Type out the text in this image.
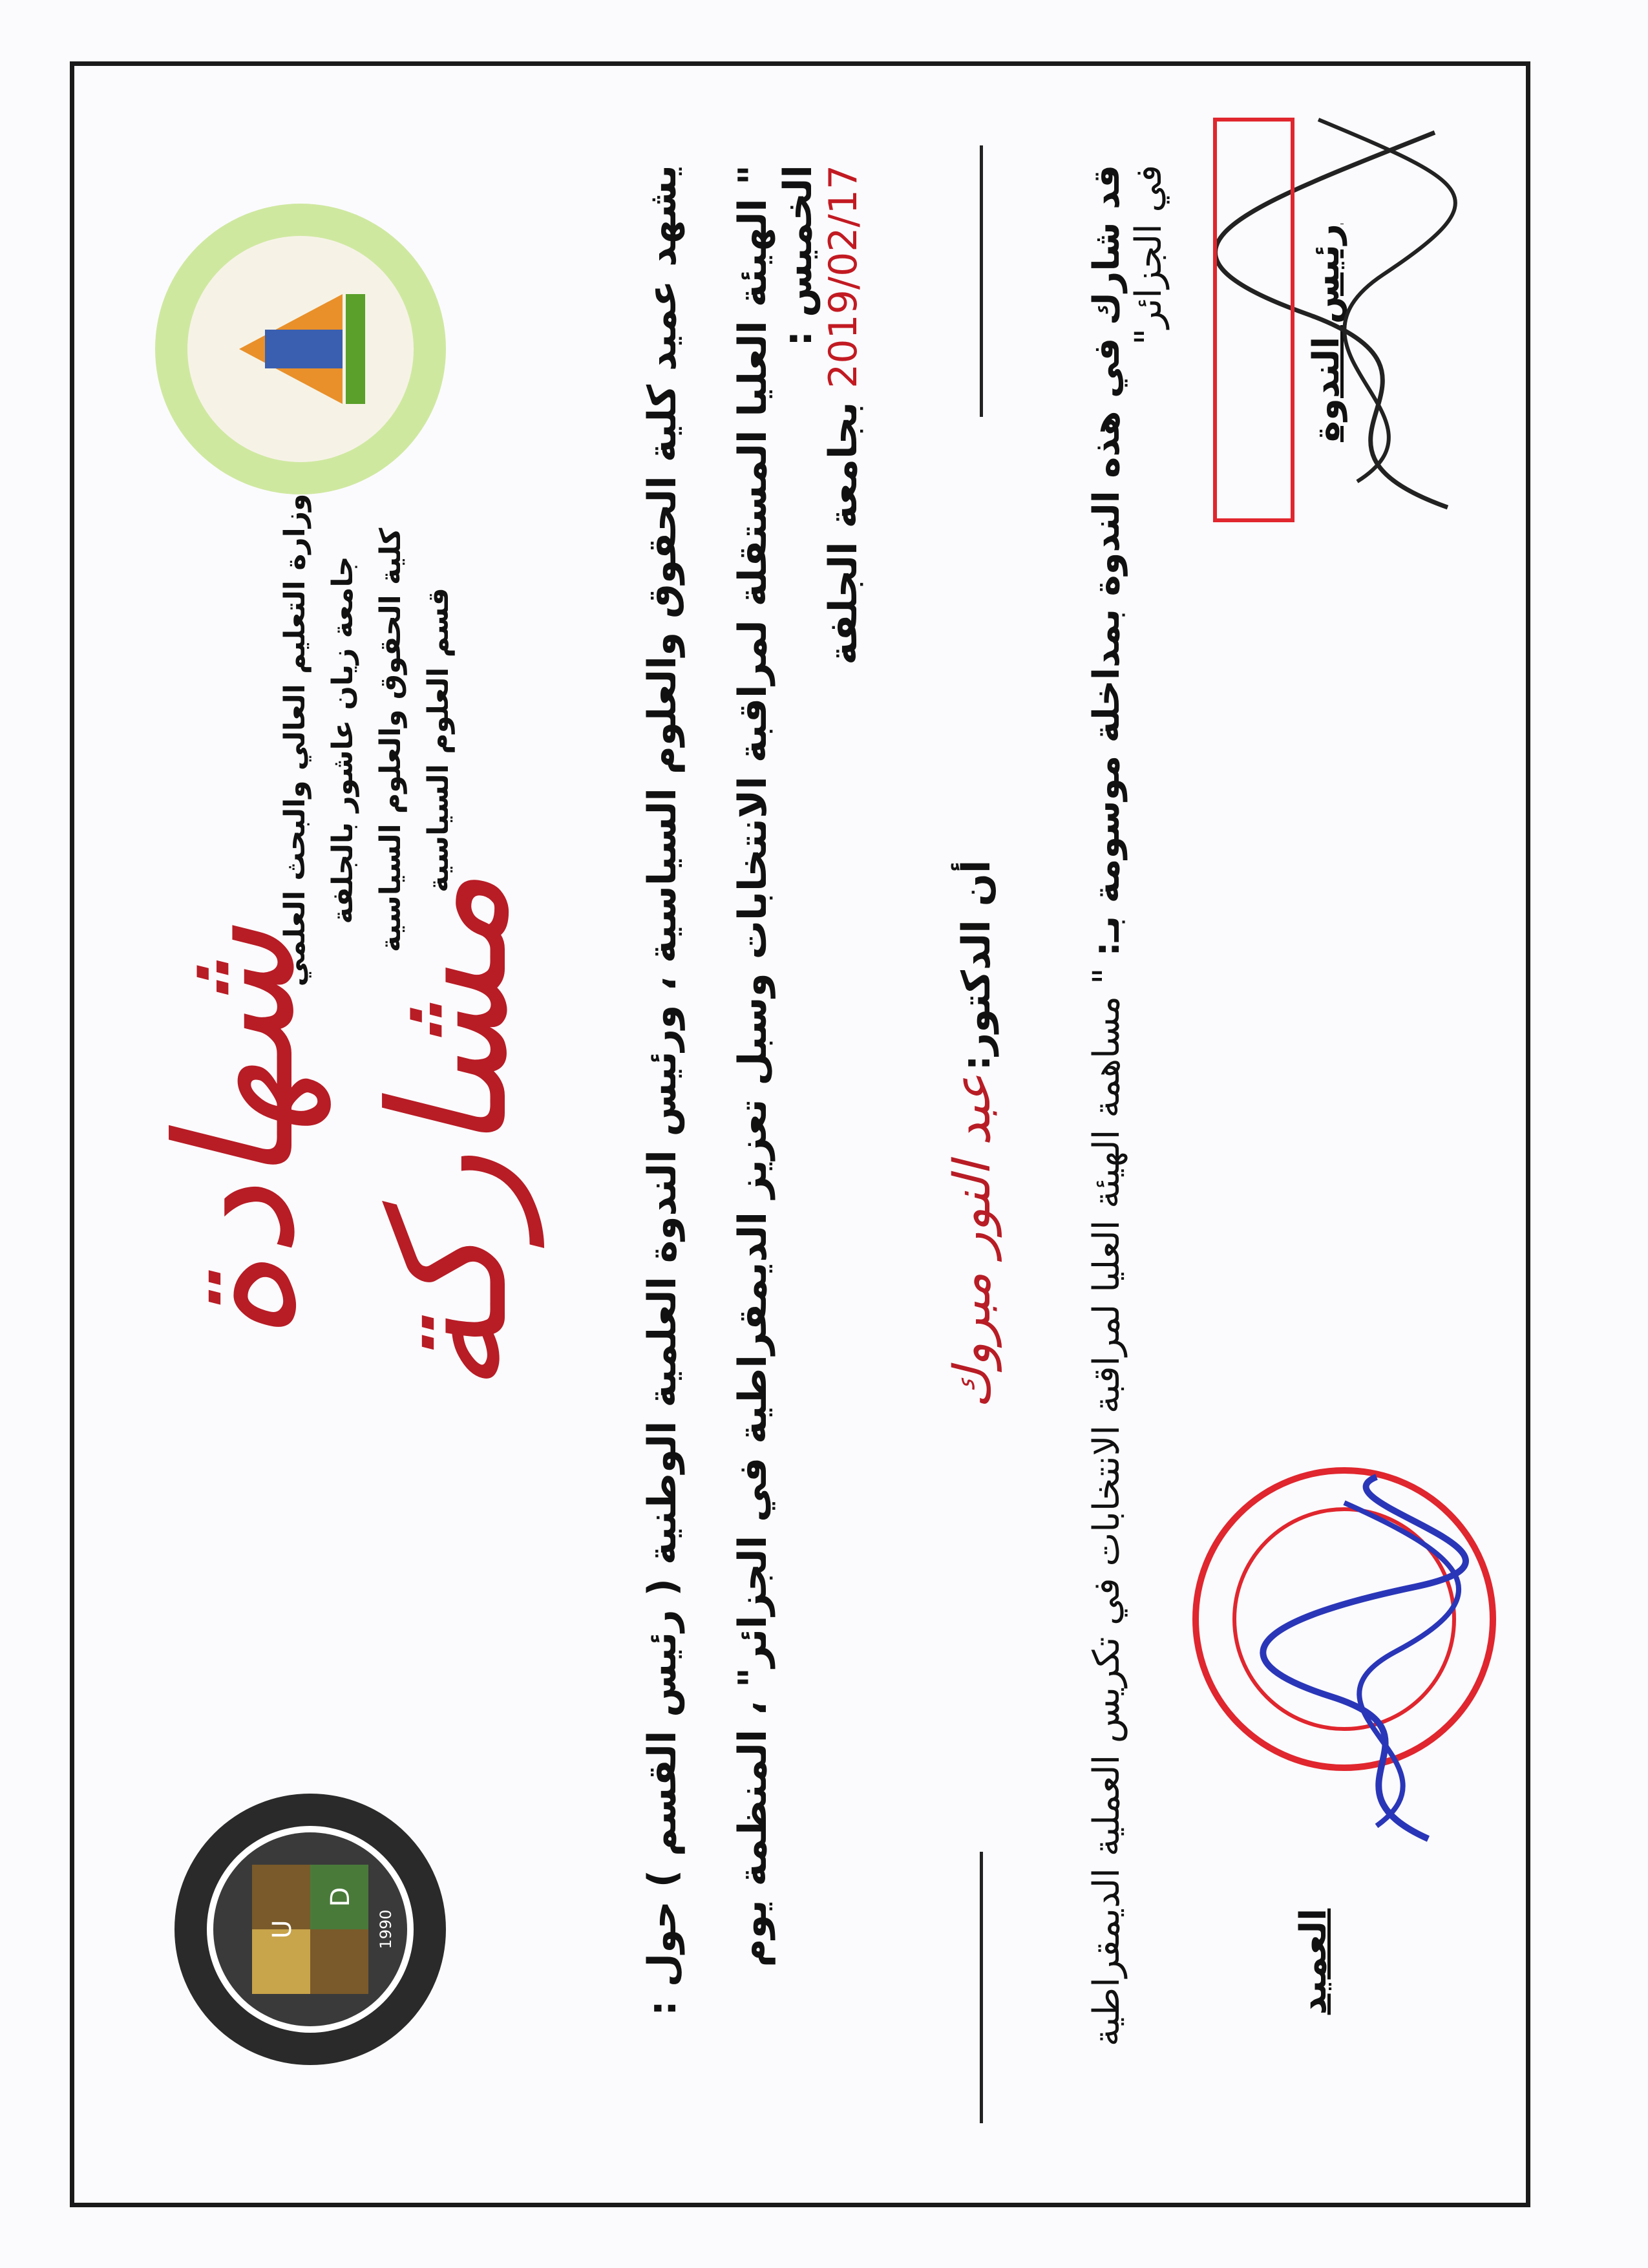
U
D
1990
وزارة التعليم العالي والبحث العلمي جامعة زيان عاشور بالجلفة كلية الحقوق والعلوم السياسية قسم العلوم السياسية
شهادة مشاركة	يشهد عميد كلية الحقوق والعلوم السياسية ، ورئيس الندوة العلمية الوطنية ( رئيس القسم ) حول : " الهيئة العليا المستقلة لمراقبة الانتخابات وسبل تعزيز الديمقراطية في الجزائر" ، المنظمة يوم الخميس : 2019/02/17 بجامعة الجلفة
أن الدكتور: عبد النور مبروك
قد شارك في هذه الندوة بمداخلة موسومة بـ: " مساهمة الهيئة العليا لمراقبة الانتخابات في تكريس العملية الديمقراطية في الجزائر"
العميد
رئيس الندوة
